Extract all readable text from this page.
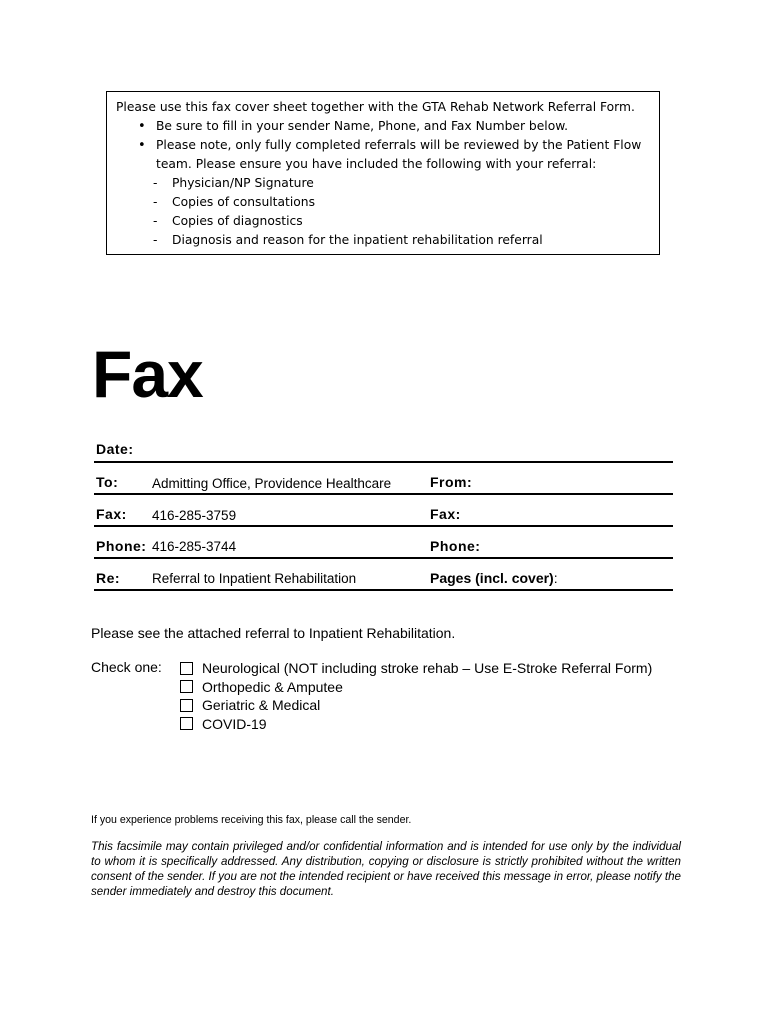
Please use this fax cover sheet together with the GTA Rehab Network Referral Form.
• Be sure to fill in your sender Name, Phone, and Fax Number below.
• Please note, only fully completed referrals will be reviewed by the Patient Flow team. Please ensure you have included the following with your referral:
- Physician/NP Signature
- Copies of consultations
- Copies of diagnostics
- Diagnosis and reason for the inpatient rehabilitation referral
Fax
Date:
To:	Admitting Office, Providence Healthcare	From:
Fax: 416-285-3759	Fax:
Phone: 416-285-3744	Phone:
Re: Referral to Inpatient Rehabilitation	Pages (incl. cover):
Please see the attached referral to Inpatient Rehabilitation.
Check one:	Neurological (NOT including stroke rehab – Use E-Stroke Referral Form)
Orthopedic & Amputee
Geriatric & Medical
COVID-19
If you experience problems receiving this fax, please call the sender.
This facsimile may contain privileged and/or confidential information and is intended for use only by the individual to whom it is specifically addressed. Any distribution, copying or disclosure is strictly prohibited without the written consent of the sender. If you are not the intended recipient or have received this message in error, please notify the sender immediately and destroy this document.
